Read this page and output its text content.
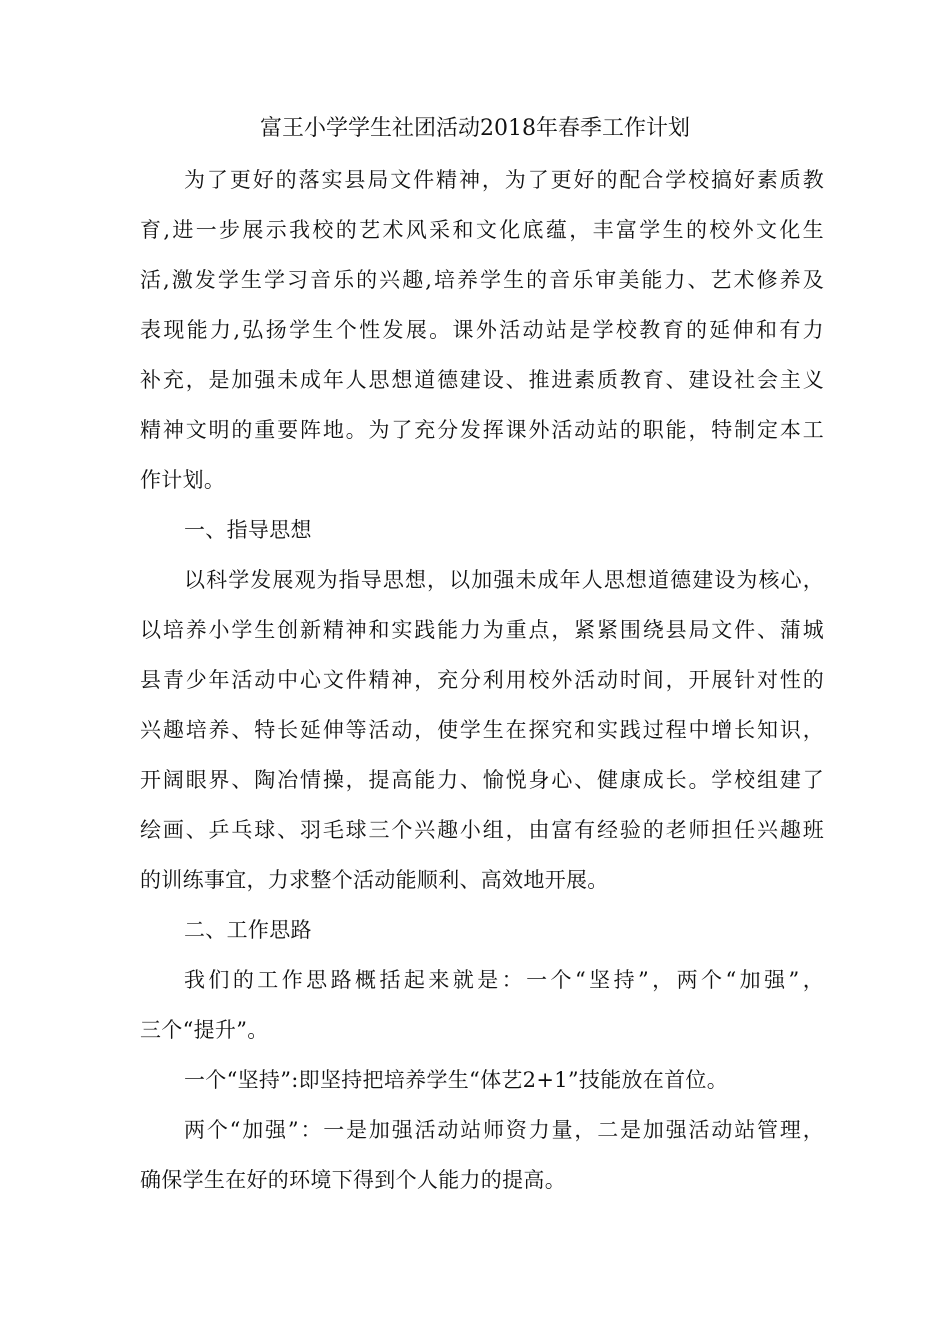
富王小学学生社团活动2018年春季工作计划
为了更好的落实县局文件精神，为了更好的配合学校搞好素质教
育,进一步展示我校的艺术风采和文化底蕴，丰富学生的校外文化生
活,激发学生学习音乐的兴趣,培养学生的音乐审美能力、艺术修养及
表现能力,弘扬学生个性发展。课外活动站是学校教育的延伸和有力
补充，是加强未成年人思想道德建设、推进素质教育、建设社会主义
精神文明的重要阵地。为了充分发挥课外活动站的职能，特制定本工
作计划。
一、指导思想
以科学发展观为指导思想，以加强未成年人思想道德建设为核心，
以培养小学生创新精神和实践能力为重点，紧紧围绕县局文件、蒲城
县青少年活动中心文件精神，充分利用校外活动时间，开展针对性的
兴趣培养、特长延伸等活动，使学生在探究和实践过程中增长知识，
开阔眼界、陶冶情操，提高能力、愉悦身心、健康成长。学校组建了
绘画、乒乓球、羽毛球三个兴趣小组，由富有经验的老师担任兴趣班
的训练事宜，力求整个活动能顺利、高效地开展。
二、工作思路
我们的工作思路概括起来就是：一个“坚持”，两个“加强”，
三个“提升”。
一个“坚持”:即坚持把培养学生“体艺2+1”技能放在首位。
两个“加强”：一是加强活动站师资力量，二是加强活动站管理，
确保学生在好的环境下得到个人能力的提高。
